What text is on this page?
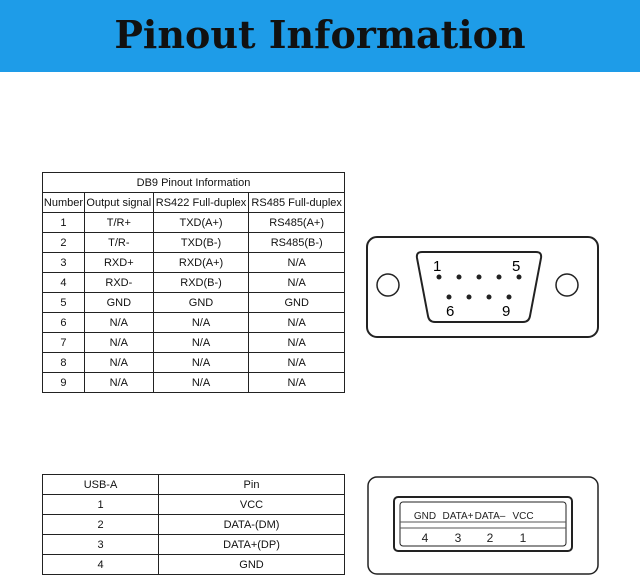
Pinout Information
DB9 Pinout Information			
Number	Output signal	RS422 Full-duplex	RS485 Full-duplex
1	T/R+	TXD(A+)	RS485(A+)
2	T/R-	TXD(B-)	RS485(B-)
3	RXD+	RXD(A+)	N/A
4	RXD-	RXD(B-)	N/A
5	GND	GND	GND
6	N/A	N/A	N/A
7	N/A	N/A	N/A
8	N/A	N/A	N/A
9	N/A	N/A	N/A
USB-A	Pin
1	VCC
2	DATA-(DM)
3	DATA+(DP)
4	GND
1	5
6	9
GND DATA+ DATA– VCC
4 3 2 1
